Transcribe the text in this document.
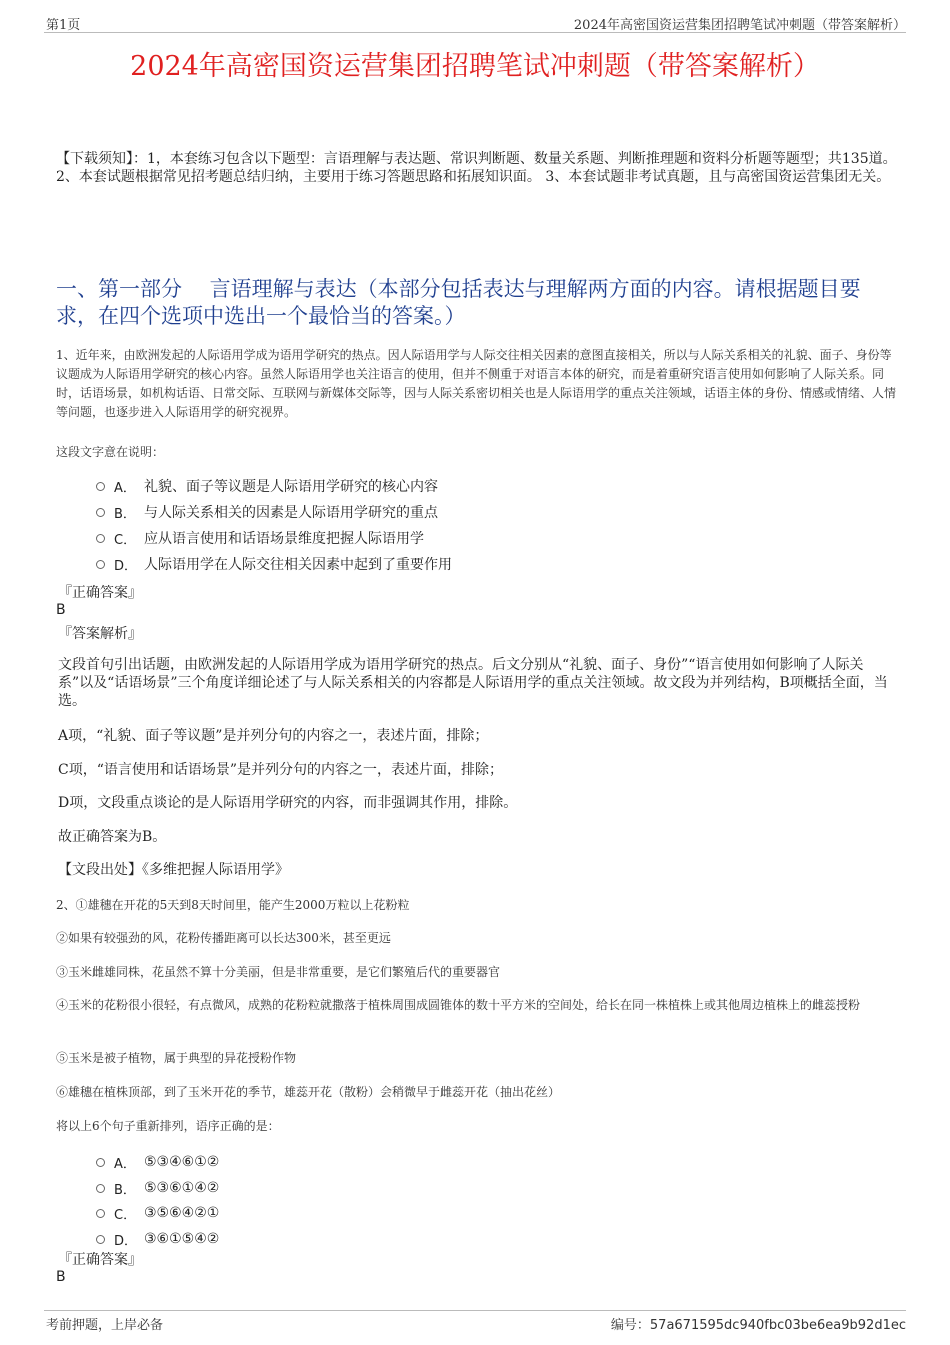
第1页	2024年高密国资运营集团招聘笔试冲刺题（带答案解析）
2024年高密国资运营集团招聘笔试冲刺题（带答案解析）
【下载须知】：1，本套练习包含以下题型：言语理解与表达题、常识判断题、数量关系题、判断推理题和资料分析题等题型；共135道。 2、本套试题根据常见招考题总结归纳，主要用于练习答题思路和拓展知识面。 3、本套试题非考试真题，且与高密国资运营集团无关。
一、第一部分　 言语理解与表达（本部分包括表达与理解两方面的内容。请根据题目要求，在四个选项中选出一个最恰当的答案。）
1、近年来，由欧洲发起的人际语用学成为语用学研究的热点。因人际语用学与人际交往相关因素的意图直接相关，所以与人际关系相关的礼貌、面子、身份等议题成为人际语用学研究的核心内容。虽然人际语用学也关注语言的使用，但并不侧重于对语言本体的研究，而是着重研究语言使用如何影响了人际关系。同时，话语场景，如机构话语、日常交际、互联网与新媒体交际等，因与人际关系密切相关也是人际语用学的重点关注领域，话语主体的身份、情感或情绪、人情等问题，也逐步进入人际语用学的研究视界。
这段文字意在说明：
A． 礼貌、面子等议题是人际语用学研究的核心内容
B． 与人际关系相关的因素是人际语用学研究的重点
C． 应从语言使用和话语场景维度把握人际语用学
D． 人际语用学在人际交往相关因素中起到了重要作用
『正确答案』
B
『答案解析』
文段首句引出话题，由欧洲发起的人际语用学成为语用学研究的热点。后文分别从“礼貌、面子、身份”“语言使用如何影响了人际关系”以及“话语场景”三个角度详细论述了与人际关系相关的内容都是人际语用学的重点关注领域。故文段为并列结构，B项概括全面，当选。
A项，“礼貌、面子等议题”是并列分句的内容之一，表述片面，排除；
C项，“语言使用和话语场景”是并列分句的内容之一，表述片面，排除；
D项，文段重点谈论的是人际语用学研究的内容，而非强调其作用，排除。
故正确答案为B。
【文段出处】《多维把握人际语用学》
2、①雄穗在开花的5天到8天时间里，能产生2000万粒以上花粉粒
②如果有较强劲的风，花粉传播距离可以长达300米，甚至更远
③玉米雌雄同株，花虽然不算十分美丽，但是非常重要，是它们繁殖后代的重要器官
④玉米的花粉很小很轻，有点微风，成熟的花粉粒就撒落于植株周围成圆锥体的数十平方米的空间处，给长在同一株植株上或其他周边植株上的雌蕊授粉
⑤玉米是被子植物，属于典型的异花授粉作物
⑥雄穗在植株顶部，到了玉米开花的季节，雄蕊开花（散粉）会稍微早于雌蕊开花（抽出花丝）
将以上6个句子重新排列，语序正确的是：
A． ⑤③④⑥①②
B． ⑤③⑥①④②
C． ③⑤⑥④②①
D． ③⑥①⑤④②
『正确答案』
B
考前押题，上岸必备	编号：57a671595dc940fbc03be6ea9b92d1ec
